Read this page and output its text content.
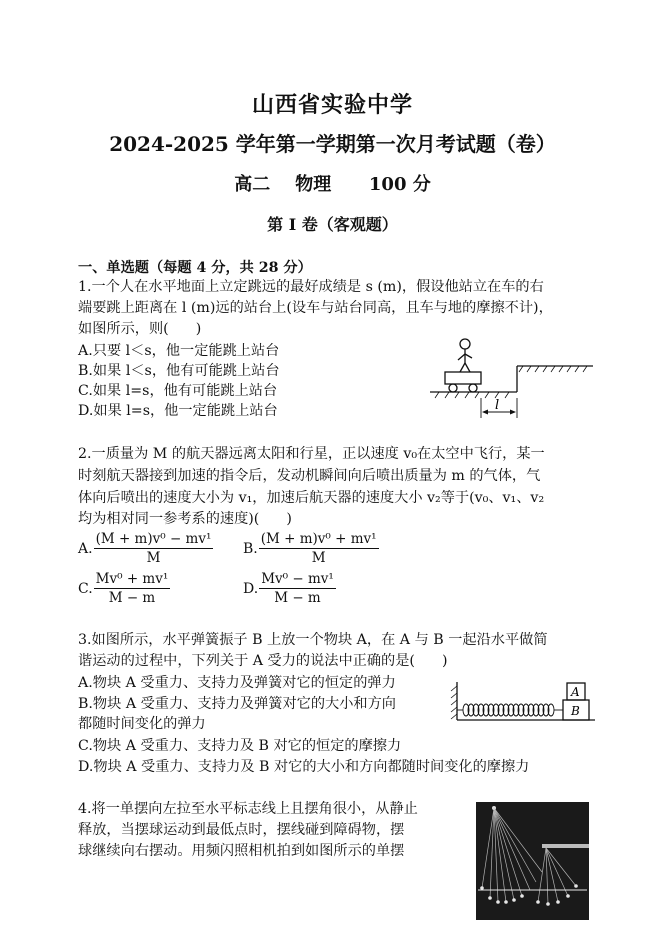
山西省实验中学
2024-2025 学年第一学期第一次月考试题（卷）
高二    物理      100 分
第 I 卷（客观题）
一、单选题（每题 4 分，共 28 分）
1.一个人在水平地面上立定跳远的最好成绩是 s (m)，假设他站立在车的右
端要跳上距离在 l (m)远的站台上(设车与站台同高，且车与地的摩擦不计)，
如图所示，则(      )
A.只要 l＜s，他一定能跳上站台
B.如果 l＜s，他有可能跳上站台
C.如果 l=s，他有可能跳上站台
D.如果 l=s，他一定能跳上站台	l
2.一质量为 M 的航天器远离太阳和行星，正以速度 v₀在太空中飞行，某一
时刻航天器接到加速的指令后，发动机瞬间向后喷出质量为 m 的气体，气
体向后喷出的速度大小为 v₁，加速后航天器的速度大小 v₂等于(v₀、v₁、v₂
均为相对同一参考系的速度)(      )
A. $\frac{\text{(M + m)v⁰ − mv¹}}{M} B$. $\frac{\text{(M + m)v⁰ + mv¹}}{M}$
C. $\frac{\text{Mv⁰ + mv¹}}{M - m}$	D. $\frac{\text{Mv⁰ − mv¹}}{M - m}$
3.如图所示，水平弹簧振子 B 上放一个物块 A，在 A 与 B 一起沿水平做简
谐运动的过程中，下列关于 A 受力的说法中正确的是(      )
A.物块 A 受重力、支持力及弹簧对它的恒定的弹力
B.物块 A 受重力、支持力及弹簧对它的大小和方向
都随时间变化的弹力
C.物块 A 受重力、支持力及 B 对它的恒定的摩擦力
D.物块 A 受重力、支持力及 B 对它的大小和方向都随时间变化的摩擦力
A
B
4.将一单摆向左拉至水平标志线上且摆角很小，从静止
释放，当摆球运动到最低点时，摆线碰到障碍物，摆
球继续向右摆动。用频闪照相机拍到如图所示的单摆
